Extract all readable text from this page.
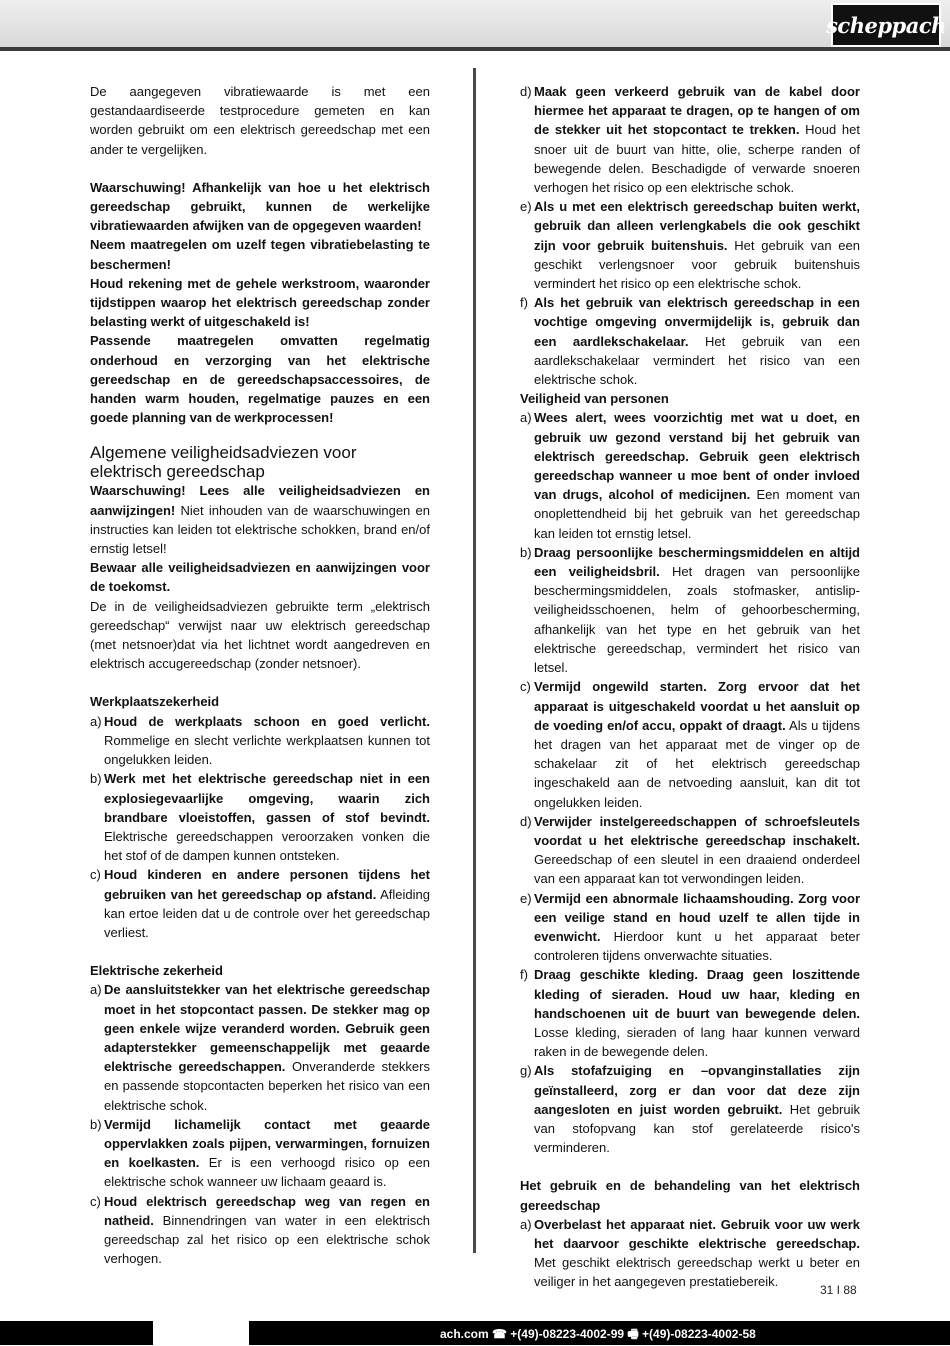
scheppach

De aangegeven vibratiewaarde is met een gestandaardiseerde testprocedure gemeten en kan worden gebruikt om een elektrisch gereedschap met een ander te vergelijken.

Waarschuwing! Afhankelijk van hoe u het elektrisch gereedschap gebruikt, kunnen de werkelijke vibratiewaarden afwijken van de opgegeven waarden!

Neem maatregelen om uzelf tegen vibratiebelasting te beschermen!

Houd rekening met de gehele werkstroom, waaronder tijdstippen waarop het elektrisch gereedschap zonder belasting werkt of uitgeschakeld is!

Passende maatregelen omvatten regelmatig onderhoud en verzorging van het elektrische gereedschap en de gereedschapsaccessoires, de handen warm houden, regelmatige pauzes en een goede planning van de werkprocessen!

Algemene veiligheidsadviezen voor elektrisch gereedschap

Waarschuwing! Lees alle veiligheidsadviezen en aanwijzingen! Niet inhouden van de waarschuwingen en instructies kan leiden tot elektrische schokken, brand en/of ernstig letsel!

Bewaar alle veiligheidsadviezen en aanwijzingen voor de toekomst.

De in de veiligheidsadviezen gebruikte term „elektrisch gereedschap“ verwijst naar uw elektrisch gereedschap (met netsnoer)dat via het lichtnet wordt aangedreven en elektrisch accugereedschap (zonder netsnoer).

Werkplaatszekerheid

a) Houd de werkplaats schoon en goed verlicht. Rommelige en slecht verlichte werkplaatsen kunnen tot ongelukken leiden.
b) Werk met het elektrische gereedschap niet in een explosiegevaarlijke omgeving, waarin zich brandbare vloeistoffen, gassen of stof bevindt. Elektrische gereedschappen veroorzaken vonken die het stof of de dampen kunnen ontsteken.
c) Houd kinderen en andere personen tijdens het gebruiken van het gereedschap op afstand. Afleiding kan ertoe leiden dat u de controle over het gereedschap verliest.

Elektrische zekerheid

a) De aansluitstekker van het elektrische gereedschap moet in het stopcontact passen. De stekker mag op geen enkele wijze veranderd worden. Gebruik geen adapterstekker gemeenschappelijk met geaarde elektrische gereedschappen. Onveranderde stekkers en passende stopcontacten beperken het risico van een elektrische schok.
b) Vermijd lichamelijk contact met geaarde oppervlakken zoals pijpen, verwarmingen, fornuizen en koelkasten. Er is een verhoogd risico op een elektrische schok wanneer uw lichaam geaard is.
c) Houd elektrisch gereedschap weg van regen en natheid. Binnendringen van water in een elektrisch gereedschap zal het risico op een elektrische schok verhogen.
d) Maak geen verkeerd gebruik van de kabel door hiermee het apparaat te dragen, op te hangen of om de stekker uit het stopcontact te trekken. Houd het snoer uit de buurt van hitte, olie, scherpe randen of bewegende delen. Beschadigde of verwarde snoeren verhogen het risico op een elektrische schok.
e) Als u met een elektrisch gereedschap buiten werkt, gebruik dan alleen verlengkabels die ook geschikt zijn voor gebruik buitenshuis. Het gebruik van een geschikt verlengsnoer voor gebruik buitenshuis vermindert het risico op een elektrische schok.
f) Als het gebruik van elektrisch gereedschap in een vochtige omgeving onvermijdelijk is, gebruik dan een aardlekschakelaar. Het gebruik van een aardlekschakelaar vermindert het risico van een elektrische schok.

Veiligheid van personen

a) Wees alert, wees voorzichtig met wat u doet, en gebruik uw gezond verstand bij het gebruik van elektrisch gereedschap. Gebruik geen elektrisch gereedschap wanneer u moe bent of onder invloed van drugs, alcohol of medicijnen. Een moment van onoplettendheid bij het gebruik van het gereedschap kan leiden tot ernstig letsel.
b) Draag persoonlijke beschermingsmiddelen en altijd een veiligheidsbril. Het dragen van persoonlijke beschermingsmiddelen, zoals stofmasker, antislip-veiligheidsschoenen, helm of gehoorbescherming, afhankelijk van het type en het gebruik van het elektrische gereedschap, vermindert het risico van letsel.
c) Vermijd ongewild starten. Zorg ervoor dat het apparaat is uitgeschakeld voordat u het aansluit op de voeding en/of accu, oppakt of draagt. Als u tijdens het dragen van het apparaat met de vinger op de schakelaar zit of het elektrisch gereedschap ingeschakeld aan de netvoeding aansluit, kan dit tot ongelukken leiden.
d) Verwijder instelgereedschappen of schroefsleutels voordat u het elektrische gereedschap inschakelt. Gereedschap of een sleutel in een draaiend onderdeel van een apparaat kan tot verwondingen leiden.
e) Vermijd een abnormale lichaamshouding. Zorg voor een veilige stand en houd uzelf te allen tijde in evenwicht. Hierdoor kunt u het apparaat beter controleren tijdens onverwachte situaties.
f) Draag geschikte kleding. Draag geen loszittende kleding of sieraden. Houd uw haar, kleding en handschoenen uit de buurt van bewegende delen. Losse kleding, sieraden of lang haar kunnen verward raken in de bewegende delen.
g) Als stofafzuiging en –opvanginstallaties zijn geïnstalleerd, zorg er dan voor dat deze zijn aangesloten en juist worden gebruikt. Het gebruik van stofopvang kan stof gerelateerde risico's verminderen.

Het gebruik en de behandeling van het elektrisch gereedschap

a) Overbelast het apparaat niet. Gebruik voor uw werk het daarvoor geschikte elektrische gereedschap. Met geschikt elektrisch gereedschap werkt u beter en veiliger in het aangegeven prestatiebereik.
31 I 88
ach.com ☎ +(49)-08223-4002-99 🖷 +(49)-08223-4002-58
